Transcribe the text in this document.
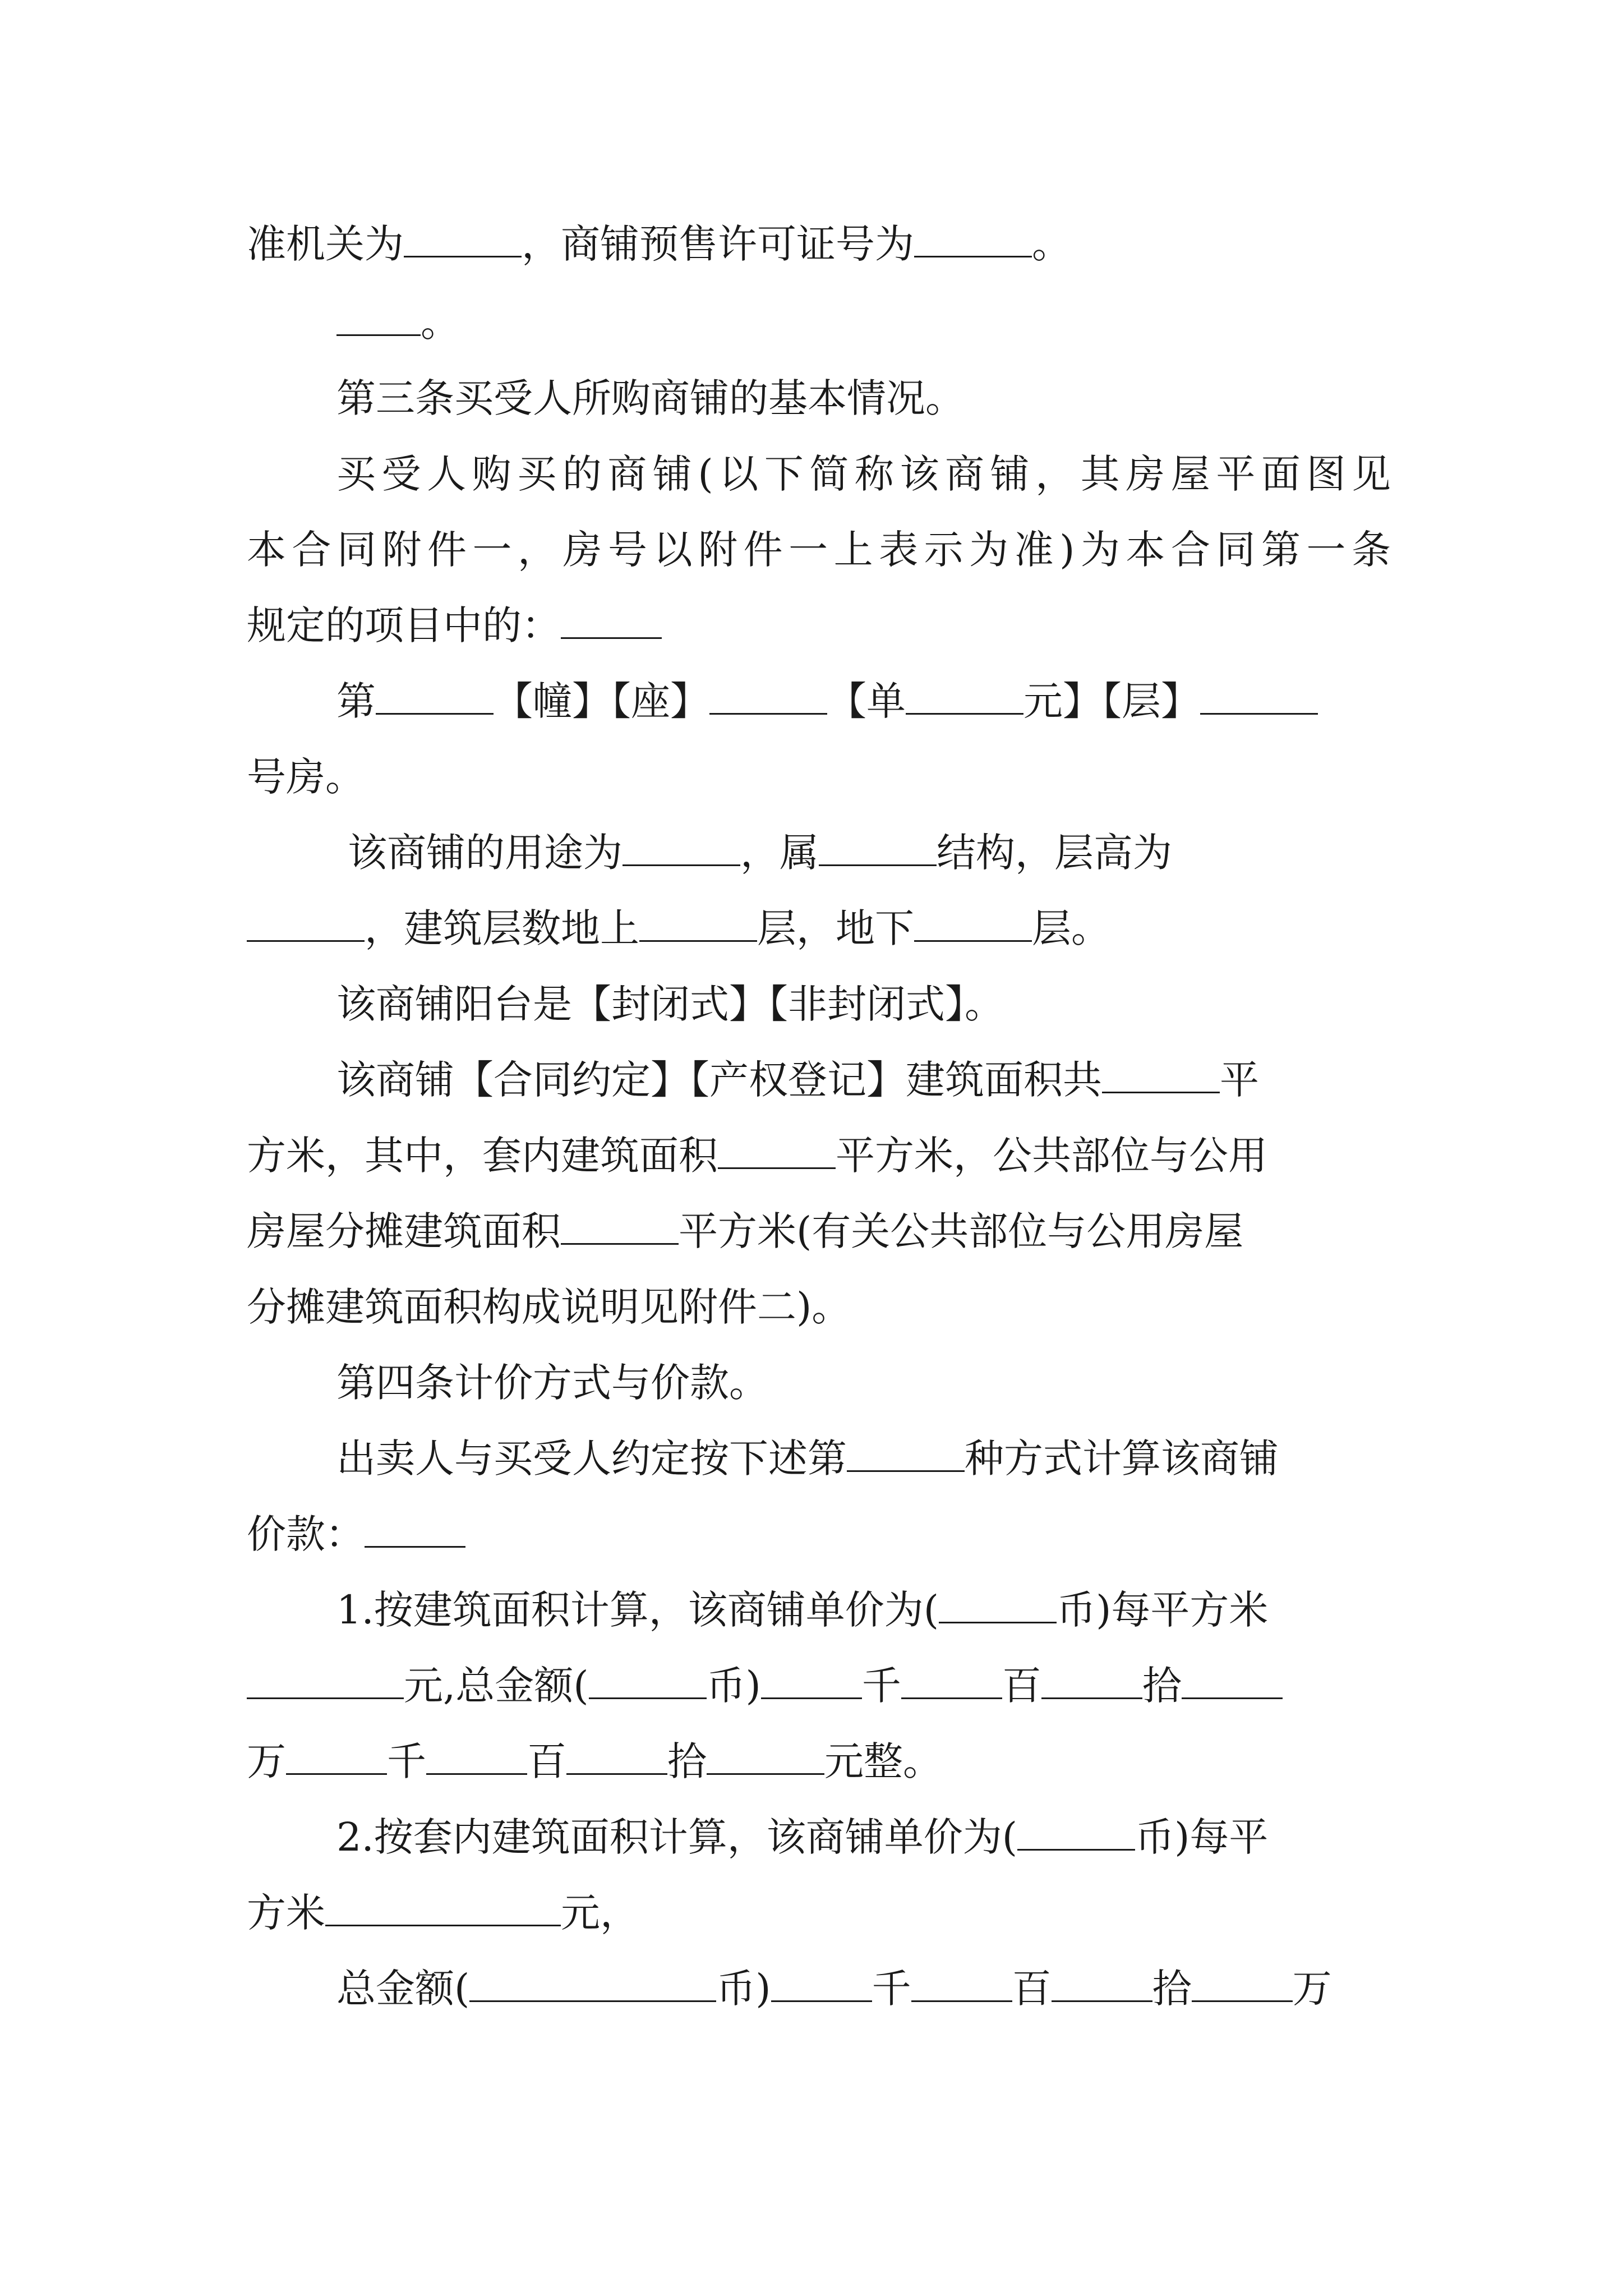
准机关为	，商铺预售许可证号为	。
。
第三条买受人所购商铺的基本情况。
买受人购买的商铺(以下简称该商铺，其房屋平面图见
本合同附件一，房号以附件一上表示为准)为本合同第一条
规定的项目中的：
第	【幢】【座】	【单	元】【层】
号房。
该商铺的用途为	，属	结构，层高为
，建筑层数地上	层，地下	层。
该商铺阳台是【封闭式】【非封闭式】。
该商铺【合同约定】【产权登记】建筑面积共	平
方米，其中，套内建筑面积	平方米，公共部位与公用
房屋分摊建筑面积	平方米(有关公共部位与公用房屋
分摊建筑面积构成说明见附件二)。
第四条计价方式与价款。
出卖人与买受人约定按下述第	种方式计算该商铺
价款：
1.按建筑面积计算，该商铺单价为(	币)每平方米
元,总金额(	币)	千	百	拾
万	千	百	拾	元整。
2.按套内建筑面积计算，该商铺单价为(	币)每平
方米	元，
总金额(	币)	千	百	拾	万
